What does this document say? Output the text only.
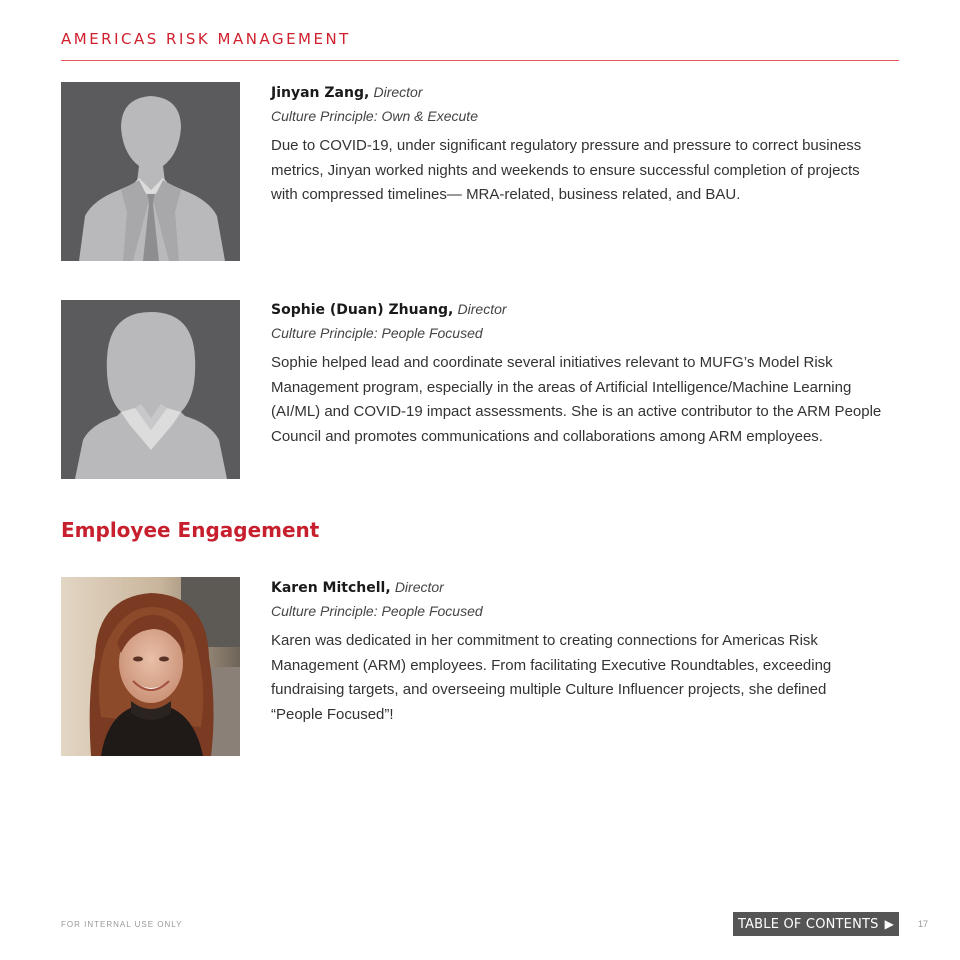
AMERICAS RISK MANAGEMENT
Jinyan Zang, Director
Culture Principle: Own & Execute
Due to COVID-19, under significant regulatory pressure and pressure to correct business metrics, Jinyan worked nights and weekends to ensure successful completion of projects with compressed timelines— MRA-related, business related, and BAU.
Sophie (Duan) Zhuang, Director
Culture Principle: People Focused
Sophie helped lead and coordinate several initiatives relevant to MUFG’s Model Risk Management program, especially in the areas of Artificial Intelligence/Machine Learning (AI/ML) and COVID-19 impact assessments. She is an active contributor to the ARM People Council and promotes communications and collaborations among ARM employees.
Employee Engagement
Karen Mitchell, Director
Culture Principle: People Focused
Karen was dedicated in her commitment to creating connections for Americas Risk Management (ARM) employees. From facilitating Executive Roundtables, exceeding fundraising targets, and overseeing multiple Culture Influencer projects, she defined “People Focused”!
FOR INTERNAL USE ONLY	TABLE OF CONTENTS ▶	17
